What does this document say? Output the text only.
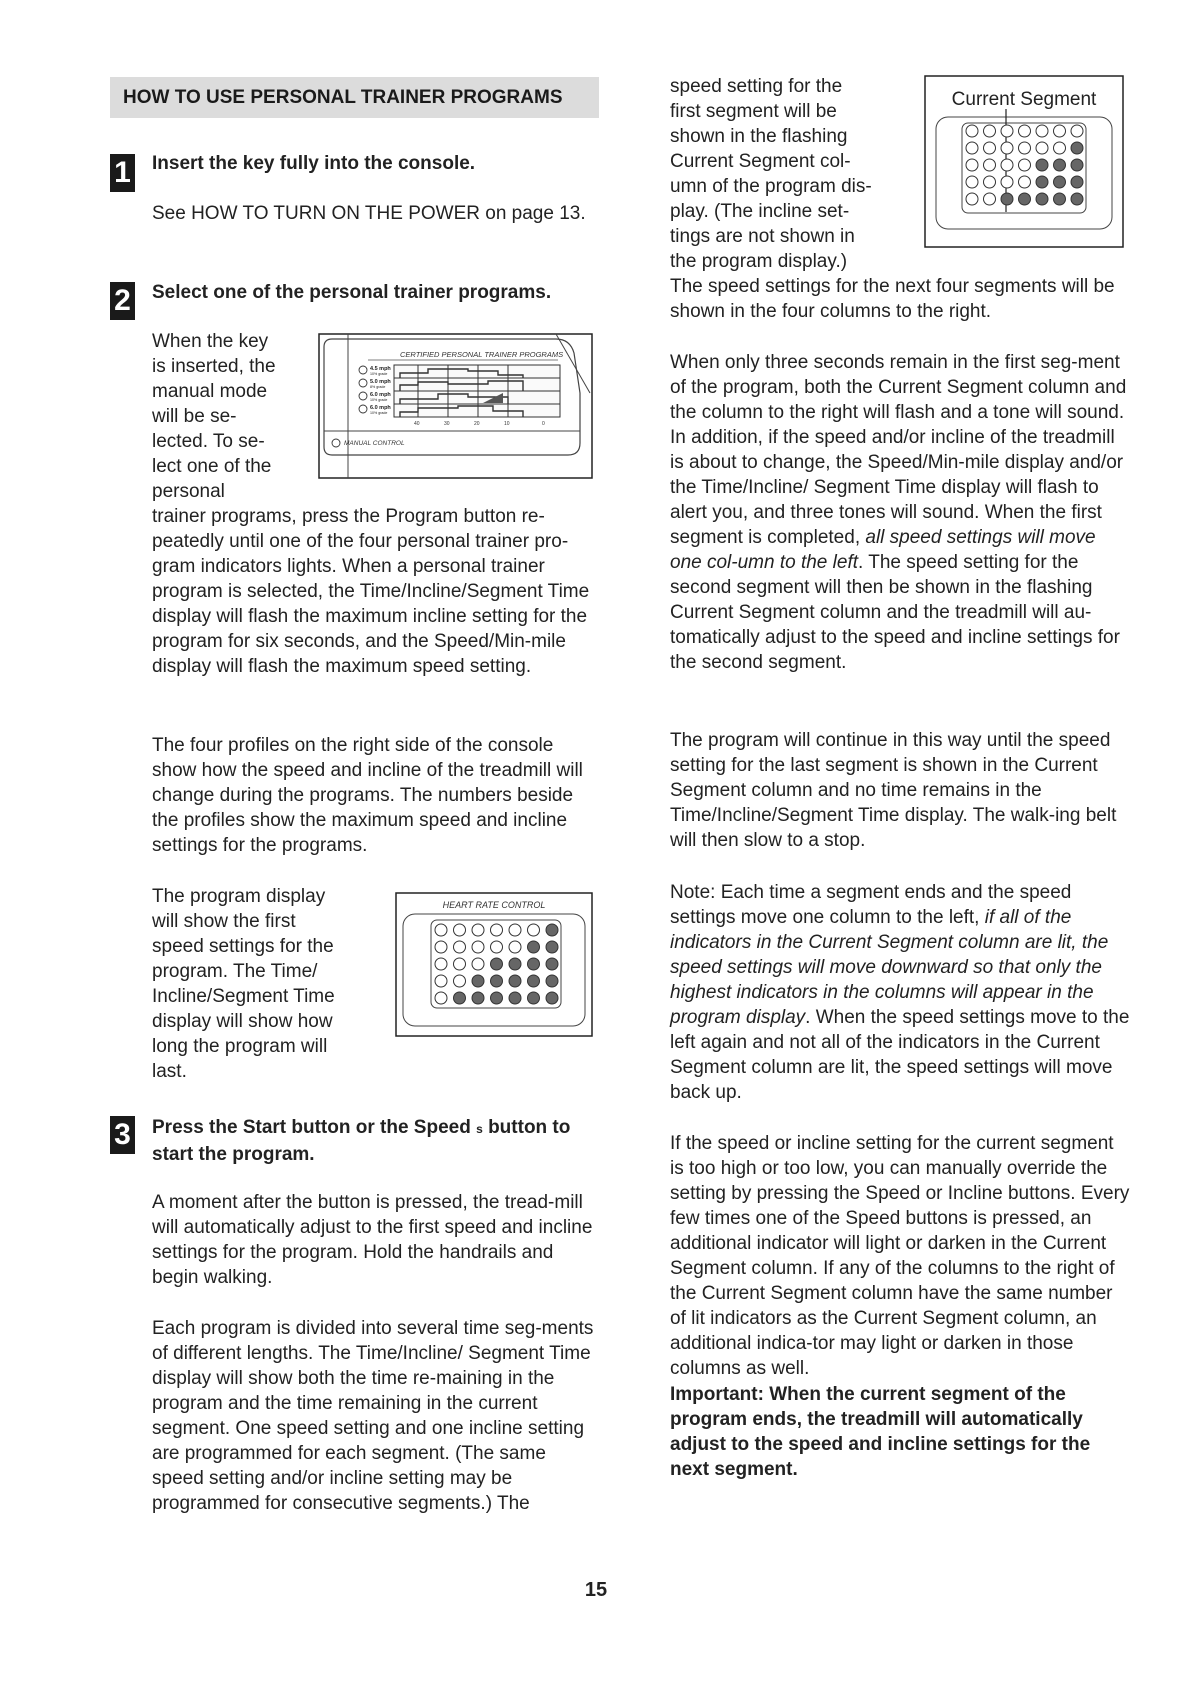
HOW TO USE PERSONAL TRAINER PROGRAMS
1 Insert the key fully into the console.

See HOW TO TURN ON THE POWER on page 13.

2 Select one of the personal trainer programs.

When the key

is inserted, the

manual mode

will be se-

lected. To se-

lect one of the

personal

CERTIFIED PERSONAL TRAINER PROGRAMS
4.5 mph
10% grade
5.0 mph
8% grade
6.0 mph
10% grade
6.0 mph
10% grade
40	30	20	10	0
MANUAL CONTROL

trainer programs, press the Program button re-peatedly until one of the four personal trainer pro-gram indicators lights. When a personal trainer program is selected, the Time/Incline/Segment Time display will flash the maximum incline setting for the program for six seconds, and the Speed/Min-mile display will flash the maximum speed setting.

The four profiles on the right side of the console show how the speed and incline of the treadmill will change during the programs. The numbers beside the profiles show the maximum speed and incline settings for the programs.

The program display

will show the first

speed settings for the

program. The Time/

Incline/Segment Time

display will show how

long the program will

last.

HEART RATE CONTROL
3 Press the Start button or the Speed s button to start the program.

A moment after the button is pressed, the tread-mill will automatically adjust to the first speed and incline settings for the program. Hold the handrails and begin walking.

Each program is divided into several time seg-ments of different lengths. The Time/Incline/ Segment Time display will show both the time re-maining in the program and the time remaining in the current segment. One speed setting and one incline setting are programmed for each segment. (The same speed setting and/or incline setting may be programmed for consecutive segments.) The

speed setting for the

first segment will be

shown in the flashing

Current Segment col-

umn of the program dis-

play. (The incline set-

tings are not shown in

the program display.)

Current Segment

The speed settings for the next four segments will be shown in the four columns to the right.

When only three seconds remain in the first seg-ment of the program, both the Current Segment column and the column to the right will flash and a tone will sound. In addition, if the speed and/or incline of the treadmill is about to change, the Speed/Min-mile display and/or the Time/Incline/ Segment Time display will flash to alert you, and three tones will sound. When the first segment is completed, all speed settings will move one col-umn to the left. The speed setting for the second segment will then be shown in the flashing Current Segment column and the treadmill will au-tomatically adjust to the speed and incline settings for the second segment.

The program will continue in this way until the speed setting for the last segment is shown in the Current Segment column and no time remains in the Time/Incline/Segment Time display. The walk-ing belt will then slow to a stop.

Note: Each time a segment ends and the speed settings move one column to the left, if all of the indicators in the Current Segment column are lit, the speed settings will move downward so that only the highest indicators in the columns will appear in the program display. When the speed settings move to the left again and not all of the indicators in the Current Segment column are lit, the speed settings will move back up.

If the speed or incline setting for the current segment is too high or too low, you can manually override the setting by pressing the Speed or Incline buttons. Every few times one of the Speed buttons is pressed, an additional indicator will light or darken in the Current Segment column. If any of the columns to the right of the Current Segment column have the same number of lit indicators as the Current Segment column, an additional indica-tor may light or darken in those columns as well.

Important: When the current segment of the program ends, the treadmill will automatically adjust to the speed and incline settings for the next segment.

15
